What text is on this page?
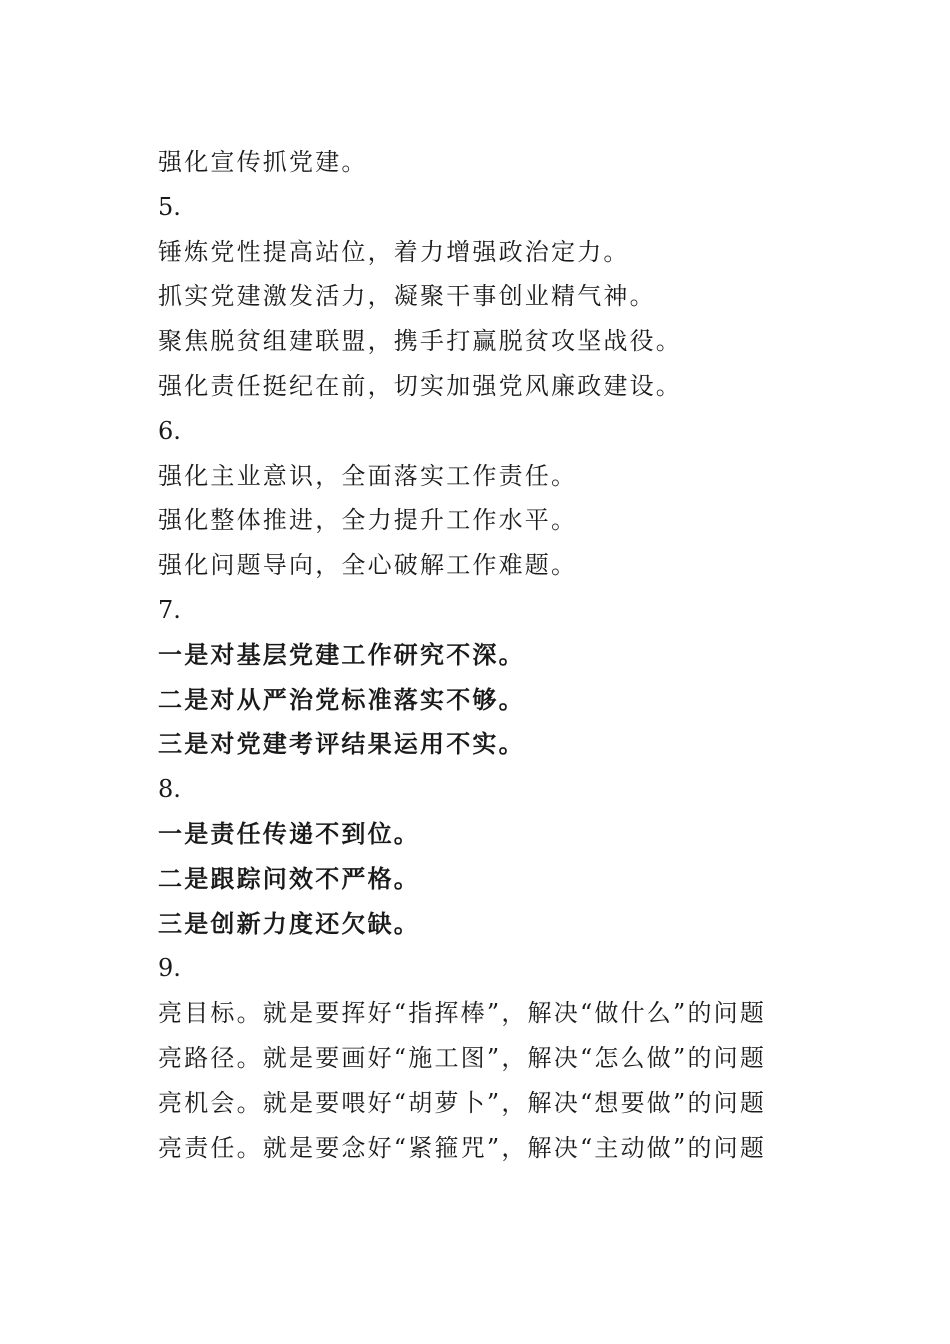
强化宣传抓党建。
5.
锤炼党性提高站位，着力增强政治定力。
抓实党建激发活力，凝聚干事创业精气神。
聚焦脱贫组建联盟，携手打赢脱贫攻坚战役。
强化责任挺纪在前，切实加强党风廉政建设。
6.
强化主业意识，全面落实工作责任。
强化整体推进，全力提升工作水平。
强化问题导向，全心破解工作难题。
7.
一是对基层党建工作研究不深。
二是对从严治党标准落实不够。
三是对党建考评结果运用不实。
8.
一是责任传递不到位。
二是跟踪问效不严格。
三是创新力度还欠缺。
9.
亮目标。就是要挥好“指挥棒”，解决“做什么”的问题
亮路径。就是要画好“施工图”，解决“怎么做”的问题
亮机会。就是要喂好“胡萝卜”，解决“想要做”的问题
亮责任。就是要念好“紧箍咒”，解决“主动做”的问题
